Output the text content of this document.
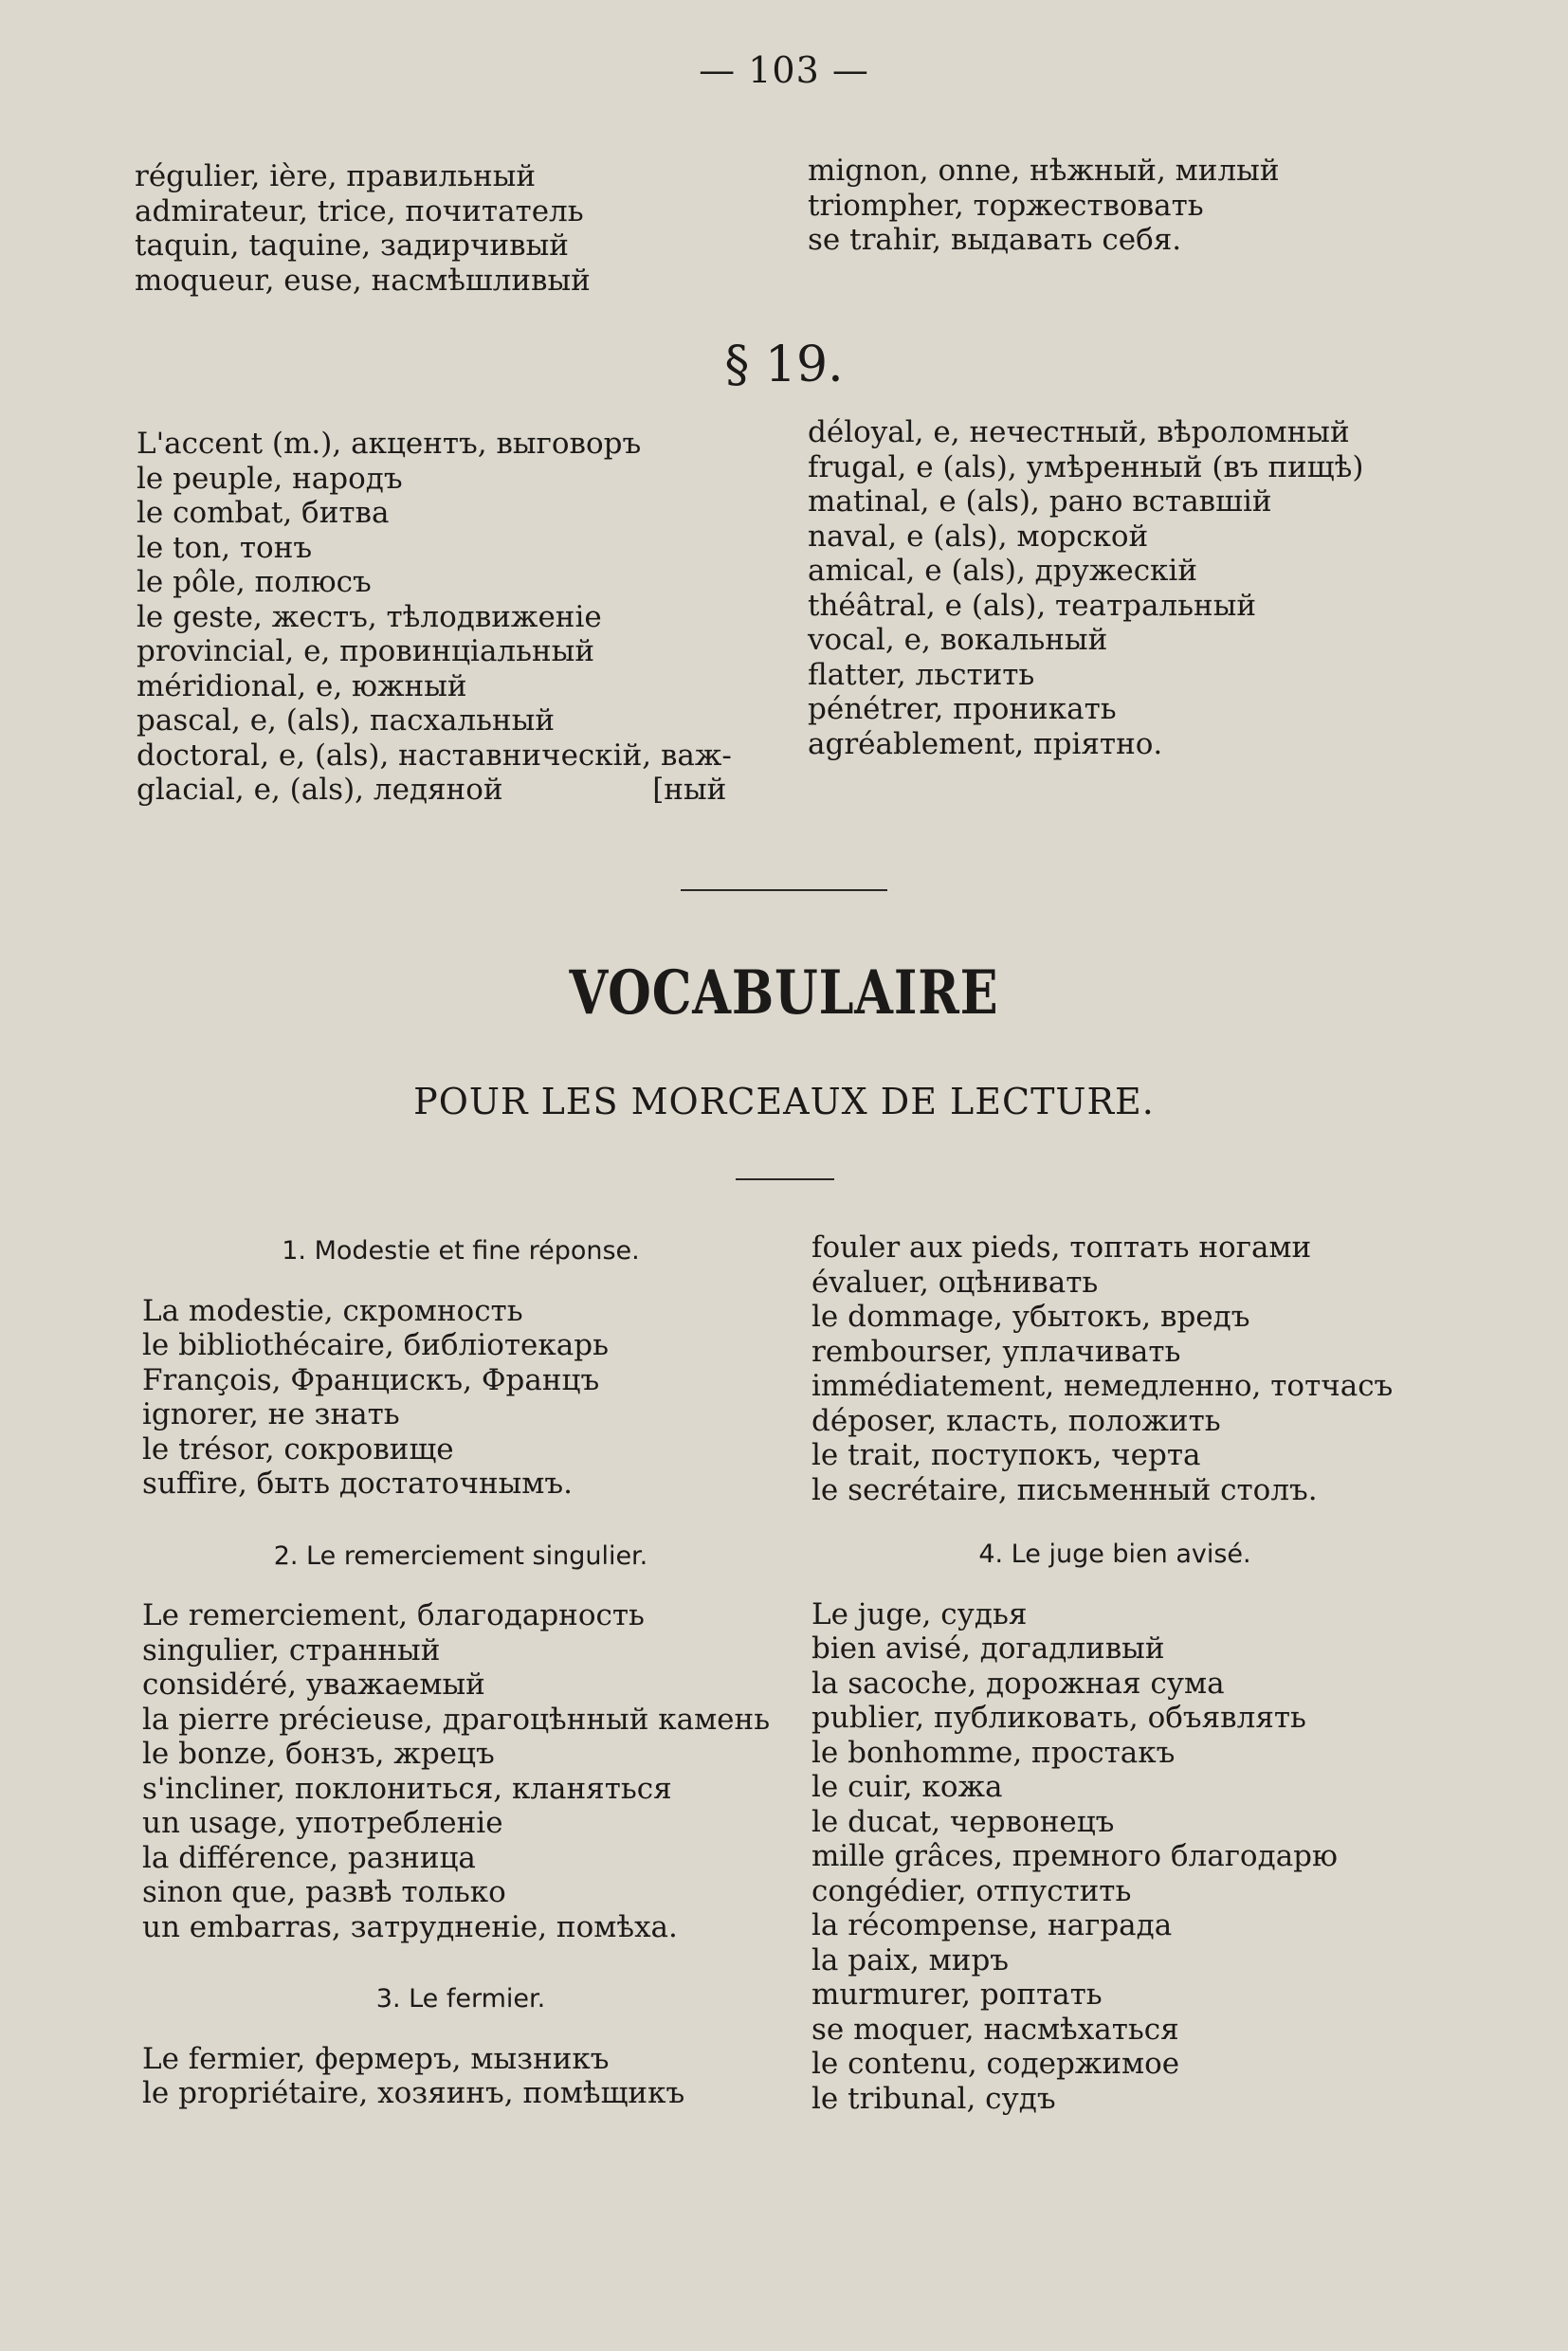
— 103 —
régulier, ière, правильный
admirateur, trice, почитатель
taquin, taquine, задирчивый
moqueur, euse, насмѣшливый
mignon, onne, нѣжный, милый
triompher, торжествовать
se trahir, выдавать себя.
§ 19.
L'accent (m.), акцентъ, выговоръ
le peuple, народъ
le combat, битва
le ton, тонъ
le pôle, полюсъ
le geste, жестъ, тѣлодвиженіе
provincial, e, провинціальный
méridional, e, южный
pascal, e, (als), пасхальный
doctoral, e, (als), наставническій, важ-
glacial, e, (als), ледяной                [ный
déloyal, e, нечестный, вѣроломный
frugal, e (als), умѣренный (въ пищѣ)
matinal, e (als), рано вставшій
naval, e (als), морской
amical, e (als), дружескій
théâtral, e (als), театральный
vocal, e, вокальный
flatter, льстить
pénétrer, проникать
agréablement, пріятно.
VOCABULAIRE
POUR LES MORCEAUX DE LECTURE.
1. Modestie et fine réponse.
La modestie, скромность
le bibliothécaire, библіотекарь
François, Францискъ, Францъ
ignorer, не знать
le trésor, сокровище
suffire, быть достаточнымъ.
2. Le remerciement singulier.
Le remerciement, благодарность
singulier, странный
considéré, уважаемый
la pierre précieuse, драгоцѣнный камень
le bonze, бонзъ, жрецъ
s'incliner, поклониться, кланяться
un usage, употребленіе
la différence, разница
sinon que, развѣ только
un embarras, затрудненіе, помѣха.
3. Le fermier.
Le fermier, фермеръ, мызникъ
le propriétaire, хозяинъ, помѣщикъ
fouler aux pieds, топтать ногами
évaluer, оцѣнивать
le dommage, убытокъ, вредъ
rembourser, уплачивать
immédiatement, немедленно, тотчасъ
déposer, класть, положить
le trait, поступокъ, черта
le secrétaire, письменный столъ.
4. Le juge bien avisé.
Le juge, судья
bien avisé, догадливый
la sacoche, дорожная сума
publier, публиковать, объявлять
le bonhomme, простакъ
le cuir, кожа
le ducat, червонецъ
mille grâces, премного благодарю
congédier, отпустить
la récompense, награда
la paix, миръ
murmurer, роптать
se moquer, насмѣхаться
le contenu, содержимое
le tribunal, судъ
